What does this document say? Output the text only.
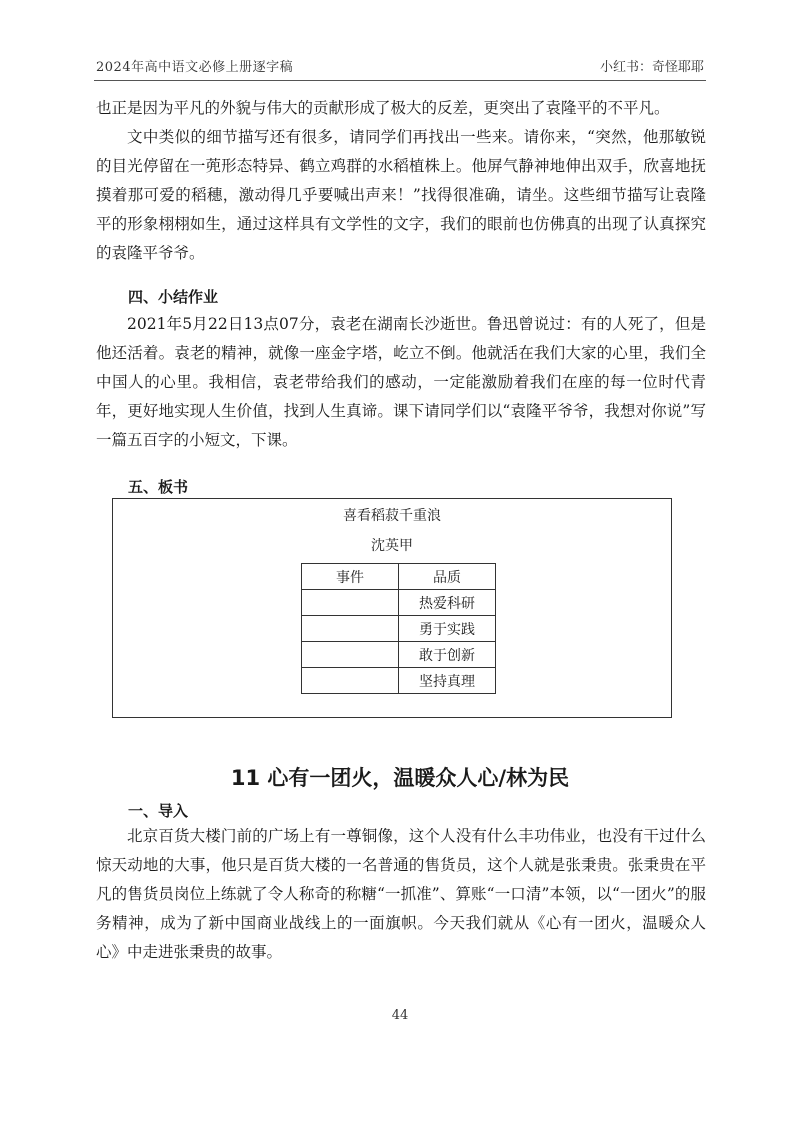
2024年高中语文必修上册逐字稿	小红书：奇怪耶耶

也正是因为平凡的外貌与伟大的贡献形成了极大的反差，更突出了袁隆平的不平凡。

文中类似的细节描写还有很多，请同学们再找出一些来。请你来，“突然，他那敏锐的目光停留在一蔸形态特异、鹤立鸡群的水稻植株上。他屏气静神地伸出双手，欣喜地抚摸着那可爱的稻穗，激动得几乎要喊出声来！”找得很准确，请坐。这些细节描写让袁隆平的形象栩栩如生，通过这样具有文学性的文字，我们的眼前也仿佛真的出现了认真探究的袁隆平爷爷。

四、小结作业

2021年5月22日13点07分，袁老在湖南长沙逝世。鲁迅曾说过：有的人死了，但是他还活着。袁老的精神，就像一座金字塔，屹立不倒。他就活在我们大家的心里，我们全中国人的心里。我相信，袁老带给我们的感动，一定能激励着我们在座的每一位时代青年，更好地实现人生价值，找到人生真谛。课下请同学们以“袁隆平爷爷，我想对你说”写一篇五百字的小短文，下课。

五、板书
喜看稻菽千重浪
沈英甲
事件	品质
	热爱科研
	勇于实践
	敢于创新
	坚持真理
11 心有一团火，温暖众人心/林为民
一、导入

北京百货大楼门前的广场上有一尊铜像，这个人没有什么丰功伟业，也没有干过什么惊天动地的大事，他只是百货大楼的一名普通的售货员，这个人就是张秉贵。张秉贵在平凡的售货员岗位上练就了令人称奇的称糖“一抓准”、算账“一口清”本领，以“一团火”的服务精神，成为了新中国商业战线上的一面旗帜。今天我们就从《心有一团火，温暖众人心》中走进张秉贵的故事。

44
